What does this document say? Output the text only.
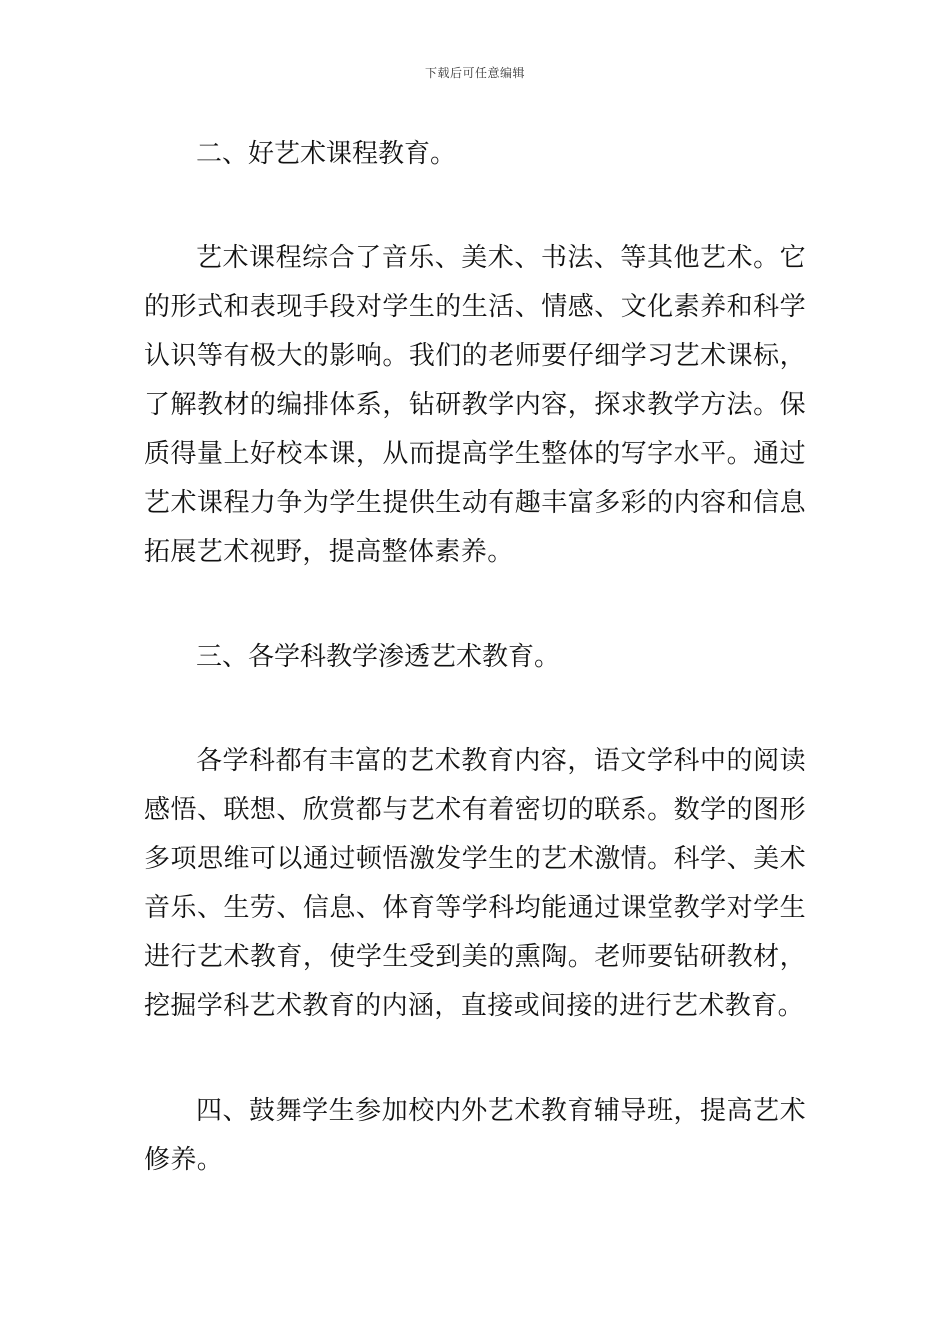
下载后可任意编辑

二、好艺术课程教育。

艺术课程综合了音乐、美术、书法、等其他艺术。它的形式和表现手段对学生的生活、情感、文化素养和科学认识等有极大的影响。我们的老师要仔细学习艺术课标，了解教材的编排体系，钻研教学内容，探求教学方法。保质得量上好校本课，从而提高学生整体的写字水平。通过艺术课程力争为学生提供生动有趣丰富多彩的内容和信息拓展艺术视野，提高整体素养。

三、各学科教学渗透艺术教育。

各学科都有丰富的艺术教育内容，语文学科中的阅读感悟、联想、欣赏都与艺术有着密切的联系。数学的图形多项思维可以通过顿悟激发学生的艺术激情。科学、美术音乐、生劳、信息、体育等学科均能通过课堂教学对学生进行艺术教育，使学生受到美的熏陶。老师要钻研教材，挖掘学科艺术教育的内涵，直接或间接的进行艺术教育。

四、鼓舞学生参加校内外艺术教育辅导班，提高艺术修养。
